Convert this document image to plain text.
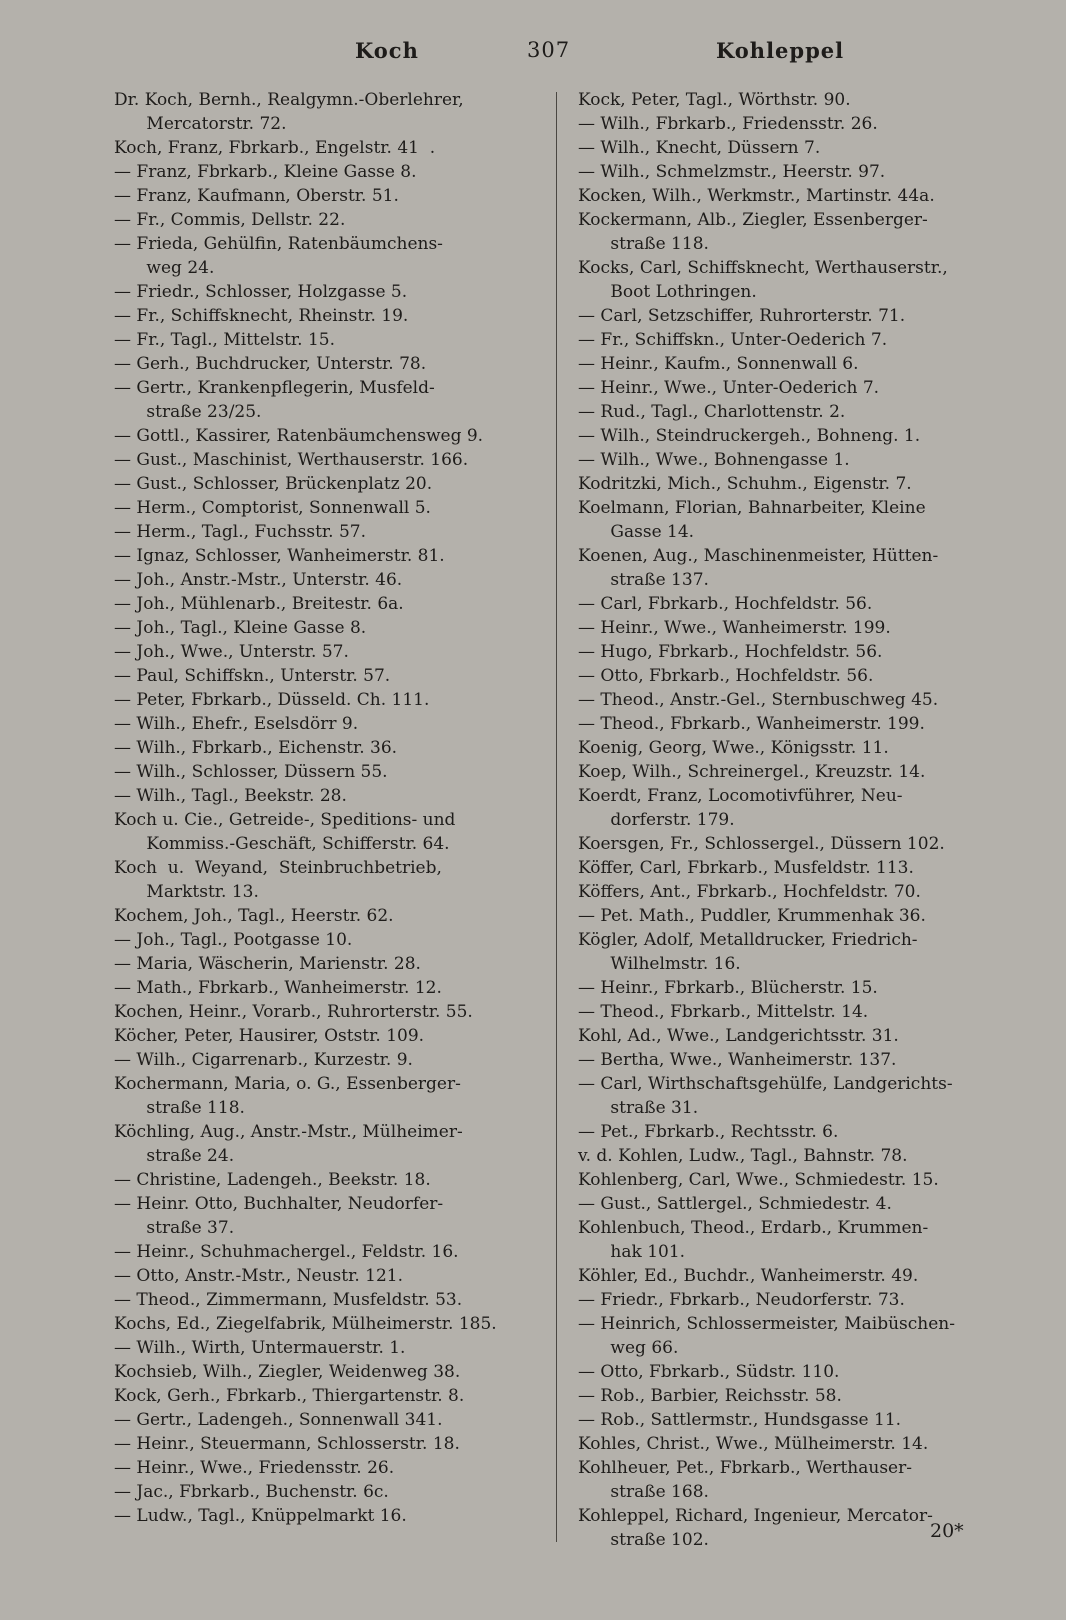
Koch	307	Kohleppel
Dr. Koch, Bernh., Realgymn.-Oberlehrer,
Mercatorstr. 72.
Koch, Franz, Fbrkarb., Engelstr. 41  .
— Franz, Fbrkarb., Kleine Gasse 8.
— Franz, Kaufmann, Oberstr. 51.
— Fr., Commis, Dellstr. 22.
— Frieda, Gehülfin, Ratenbäumchens-
weg 24.
— Friedr., Schlosser, Holzgasse 5.
— Fr., Schiffsknecht, Rheinstr. 19.
— Fr., Tagl., Mittelstr. 15.
— Gerh., Buchdrucker, Unterstr. 78.
— Gertr., Krankenpflegerin, Musfeld-
straße 23/25.
— Gottl., Kassirer, Ratenbäumchensweg 9.
— Gust., Maschinist, Werthauserstr. 166.
— Gust., Schlosser, Brückenplatz 20.
— Herm., Comptorist, Sonnenwall 5.
— Herm., Tagl., Fuchsstr. 57.
— Ignaz, Schlosser, Wanheimerstr. 81.
— Joh., Anstr.-Mstr., Unterstr. 46.
— Joh., Mühlenarb., Breitestr. 6a.
— Joh., Tagl., Kleine Gasse 8.
— Joh., Wwe., Unterstr. 57.
— Paul, Schiffskn., Unterstr. 57.
— Peter, Fbrkarb., Düsseld. Ch. 111.
— Wilh., Ehefr., Eselsdörr 9.
— Wilh., Fbrkarb., Eichenstr. 36.
— Wilh., Schlosser, Düssern 55.
— Wilh., Tagl., Beekstr. 28.
Koch u. Cie., Getreide-, Speditions- und
Kommiss.-Geschäft, Schifferstr. 64.
Koch  u.  Weyand,  Steinbruchbetrieb,
Marktstr. 13.
Kochem, Joh., Tagl., Heerstr. 62.
— Joh., Tagl., Pootgasse 10.
— Maria, Wäscherin, Marienstr. 28.
— Math., Fbrkarb., Wanheimerstr. 12.
Kochen, Heinr., Vorarb., Ruhrorterstr. 55.
Köcher, Peter, Hausirer, Oststr. 109.
— Wilh., Cigarrenarb., Kurzestr. 9.
Kochermann, Maria, o. G., Essenberger-
straße 118.
Köchling, Aug., Anstr.-Mstr., Mülheimer-
straße 24.
— Christine, Ladengeh., Beekstr. 18.
— Heinr. Otto, Buchhalter, Neudorfer-
straße 37.
— Heinr., Schuhmachergel., Feldstr. 16.
— Otto, Anstr.-Mstr., Neustr. 121.
— Theod., Zimmermann, Musfeldstr. 53.
Kochs, Ed., Ziegelfabrik, Mülheimerstr. 185.
— Wilh., Wirth, Untermauerstr. 1.
Kochsieb, Wilh., Ziegler, Weidenweg 38.
Kock, Gerh., Fbrkarb., Thiergartenstr. 8.
— Gertr., Ladengeh., Sonnenwall 341.
— Heinr., Steuermann, Schlosserstr. 18.
— Heinr., Wwe., Friedensstr. 26.
— Jac., Fbrkarb., Buchenstr. 6c.
— Ludw., Tagl., Knüppelmarkt 16.
Kock, Peter, Tagl., Wörthstr. 90.
— Wilh., Fbrkarb., Friedensstr. 26.
— Wilh., Knecht, Düssern 7.
— Wilh., Schmelzmstr., Heerstr. 97.
Kocken, Wilh., Werkmstr., Martinstr. 44a.
Kockermann, Alb., Ziegler, Essenberger-
straße 118.
Kocks, Carl, Schiffsknecht, Werthauserstr.,
Boot Lothringen.
— Carl, Setzschiffer, Ruhrorterstr. 71.
— Fr., Schiffskn., Unter-Oederich 7.
— Heinr., Kaufm., Sonnenwall 6.
— Heinr., Wwe., Unter-Oederich 7.
— Rud., Tagl., Charlottenstr. 2.
— Wilh., Steindruckergeh., Bohneng. 1.
— Wilh., Wwe., Bohnengasse 1.
Kodritzki, Mich., Schuhm., Eigenstr. 7.
Koelmann, Florian, Bahnarbeiter, Kleine
Gasse 14.
Koenen, Aug., Maschinenmeister, Hütten-
straße 137.
— Carl, Fbrkarb., Hochfeldstr. 56.
— Heinr., Wwe., Wanheimerstr. 199.
— Hugo, Fbrkarb., Hochfeldstr. 56.
— Otto, Fbrkarb., Hochfeldstr. 56.
— Theod., Anstr.-Gel., Sternbuschweg 45.
— Theod., Fbrkarb., Wanheimerstr. 199.
Koenig, Georg, Wwe., Königsstr. 11.
Koep, Wilh., Schreinergel., Kreuzstr. 14.
Koerdt, Franz, Locomotivführer, Neu-
dorferstr. 179.
Koersgen, Fr., Schlossergel., Düssern 102.
Köffer, Carl, Fbrkarb., Musfeldstr. 113.
Köffers, Ant., Fbrkarb., Hochfeldstr. 70.
— Pet. Math., Puddler, Krummenhak 36.
Kögler, Adolf, Metalldrucker, Friedrich-
Wilhelmstr. 16.
— Heinr., Fbrkarb., Blücherstr. 15.
— Theod., Fbrkarb., Mittelstr. 14.
Kohl, Ad., Wwe., Landgerichtsstr. 31.
— Bertha, Wwe., Wanheimerstr. 137.
— Carl, Wirthschaftsgehülfe, Landgerichts-
straße 31.
— Pet., Fbrkarb., Rechtsstr. 6.
v. d. Kohlen, Ludw., Tagl., Bahnstr. 78.
Kohlenberg, Carl, Wwe., Schmiedestr. 15.
— Gust., Sattlergel., Schmiedestr. 4.
Kohlenbuch, Theod., Erdarb., Krummen-
hak 101.
Köhler, Ed., Buchdr., Wanheimerstr. 49.
— Friedr., Fbrkarb., Neudorferstr. 73.
— Heinrich, Schlossermeister, Maibüschen-
weg 66.
— Otto, Fbrkarb., Südstr. 110.
— Rob., Barbier, Reichsstr. 58.
— Rob., Sattlermstr., Hundsgasse 11.
Kohles, Christ., Wwe., Mülheimerstr. 14.
Kohlheuer, Pet., Fbrkarb., Werthauser-
straße 168.
Kohleppel, Richard, Ingenieur, Mercator-
straße 102.	20*
